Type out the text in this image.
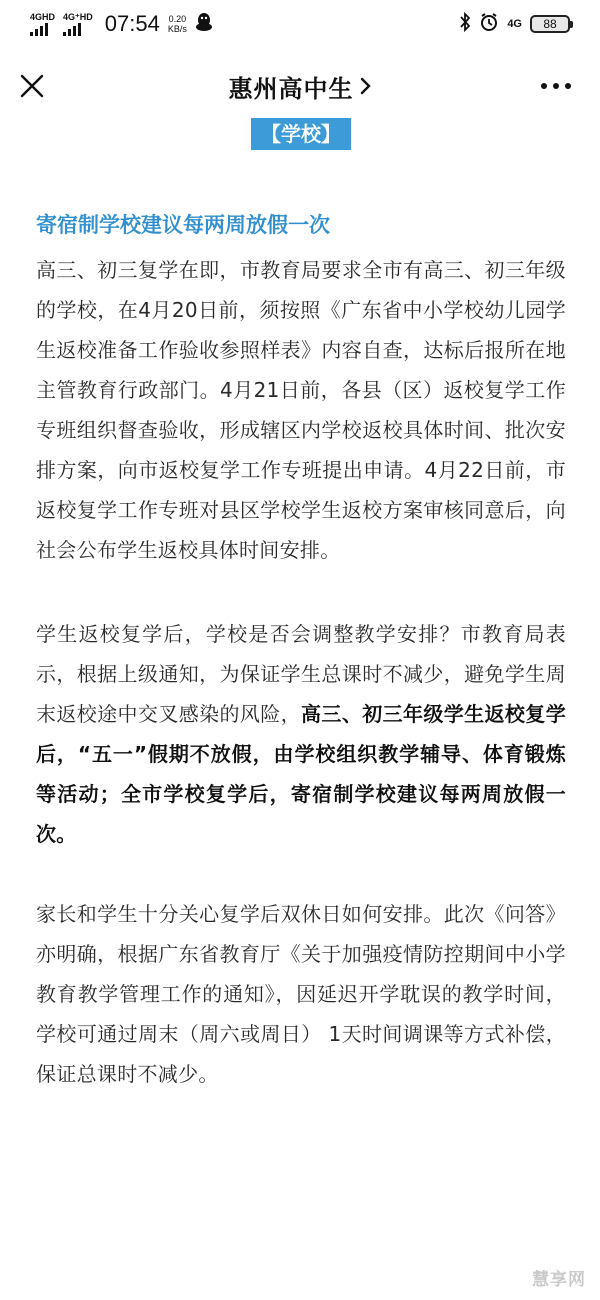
4GHD 4G⁺HD 07:54 0.20
KB/s	4G 88
惠州高中生
【学校】
寄宿制学校建议每两周放假一次

高三、初三复学在即，市教育局要求全市有高三、初三年级的学校，在4月20日前，须按照《广东省中小学校幼儿园学生返校准备工作验收参照样表》内容自查，达标后报所在地主管教育行政部门。4月21日前，各县（区）返校复学工作专班组织督查验收，形成辖区内学校返校具体时间、批次安排方案，向市返校复学工作专班提出申请。4月22日前，市返校复学工作专班对县区学校学生返校方案审核同意后，向社会公布学生返校具体时间安排。

学生返校复学后，学校是否会调整教学安排？市教育局表示，根据上级通知，为保证学生总课时不减少，避免学生周末返校途中交叉感染的风险，高三、初三年级学生返校复学后，“五一”假期不放假，由学校组织教学辅导、体育锻炼等活动；全市学校复学后，寄宿制学校建议每两周放假一次。

家长和学生十分关心复学后双休日如何安排。此次《问答》亦明确，根据广东省教育厅《关于加强疫情防控期间中小学教育教学管理工作的通知》，因延迟开学耽误的教学时间，学校可通过周末（周六或周日） 1天时间调课等方式补偿，保证总课时不减少。

慧享网
